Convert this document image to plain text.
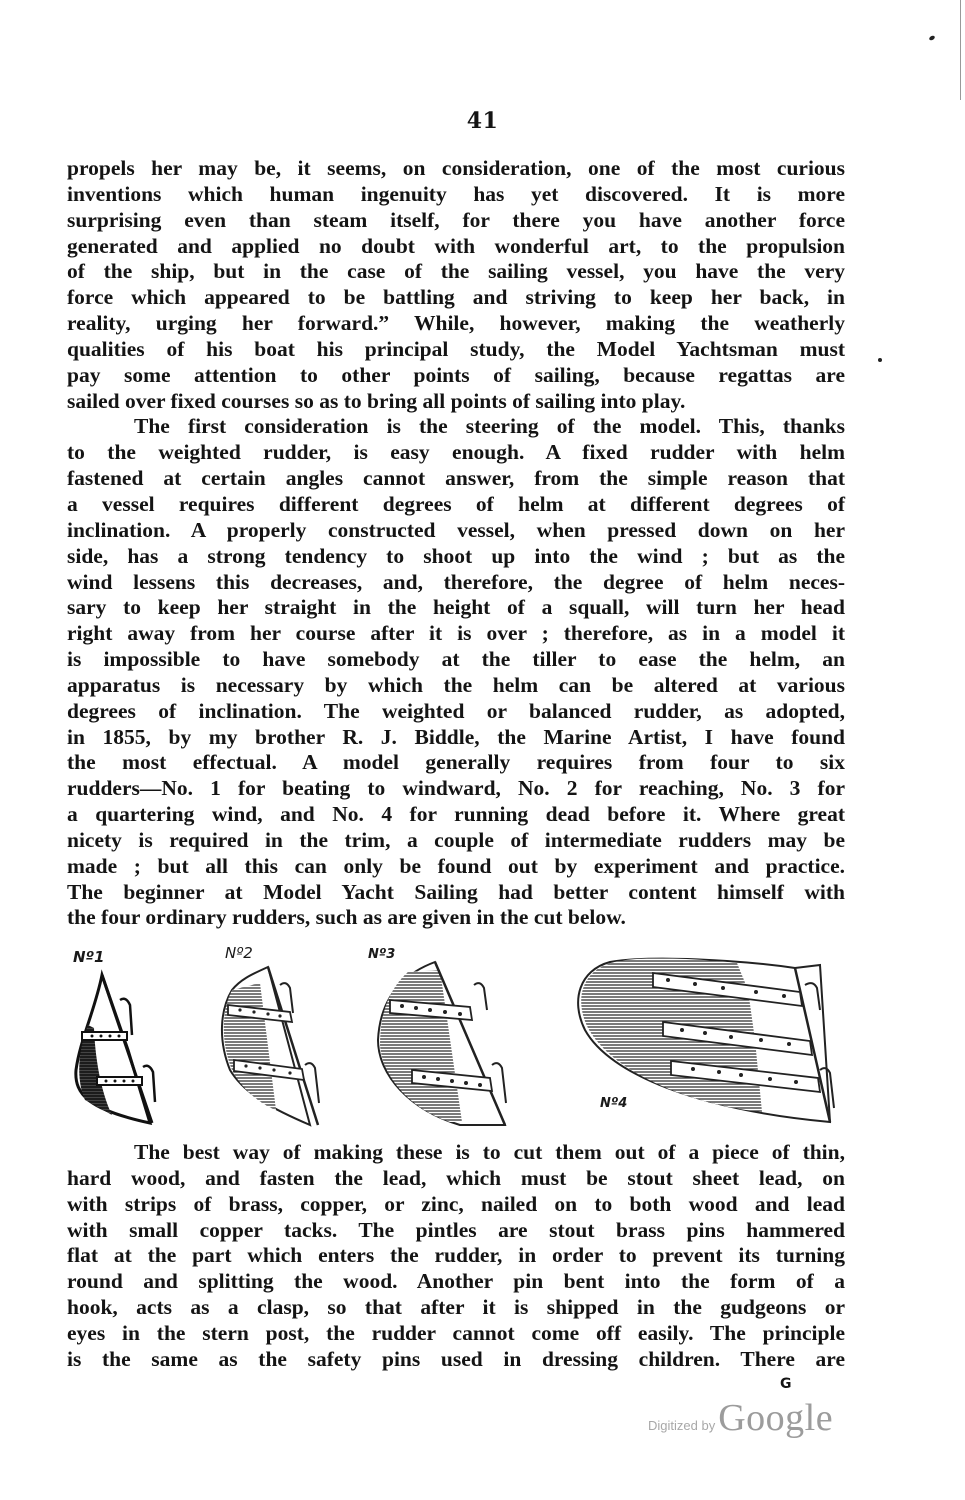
41
propels her may be, it seems, on consideration, one of the most curious
inventions which human ingenuity has yet discovered. It is more
surprising even than steam itself, for there you have another force
generated and applied no doubt with wonderful art, to the propulsion
of the ship, but in the case of the sailing vessel, you have the very
force which appeared to be battling and striving to keep her back, in
reality, urging her forward.” While, however, making the weatherly
qualities of his boat his principal study, the Model Yachtsman must
pay some attention to other points of sailing, because regattas are
sailed over fixed courses so as to bring all points of sailing into play.
The first consideration is the steering of the model. This, thanks
to the weighted rudder, is easy enough. A fixed rudder with helm
fastened at certain angles cannot answer, from the simple reason that
a vessel requires different degrees of helm at different degrees of
inclination. A properly constructed vessel, when pressed down on her
side, has a strong tendency to shoot up into the wind ; but as the
wind lessens this decreases, and, therefore, the degree of helm neces-
sary to keep her straight in the height of a squall, will turn her head
right away from her course after it is over ; therefore, as in a model it
is impossible to have somebody at the tiller to ease the helm, an
apparatus is necessary by which the helm can be altered at various
degrees of inclination. The weighted or balanced rudder, as adopted,
in 1855, by my brother R. J. Biddle, the Marine Artist, I have found
the most effectual. A model generally requires from four to six
rudders—No. 1 for beating to windward, No. 2 for reaching, No. 3 for
a quartering wind, and No. 4 for running dead before it. Where great
nicety is required in the trim, a couple of intermediate rudders may be
made ; but all this can only be found out by experiment and practice.
The beginner at Model Yacht Sailing had better content himself with
the four ordinary rudders, such as are given in the cut below.
Nº1	Nº2	Nº3
Nº4
The best way of making these is to cut them out of a piece of thin,
hard wood, and fasten the lead, which must be stout sheet lead, on
with strips of brass, copper, or zinc, nailed on to both wood and lead
with small copper tacks. The pintles are stout brass pins hammered
flat at the part which enters the rudder, in order to prevent its turning
round and splitting the wood. Another pin bent into the form of a
hook, acts as a clasp, so that after it is shipped in the gudgeons or
eyes in the stern post, the rudder cannot come off easily. The principle
is the same as the safety pins used in dressing children. There are
G
Digitized by Google
